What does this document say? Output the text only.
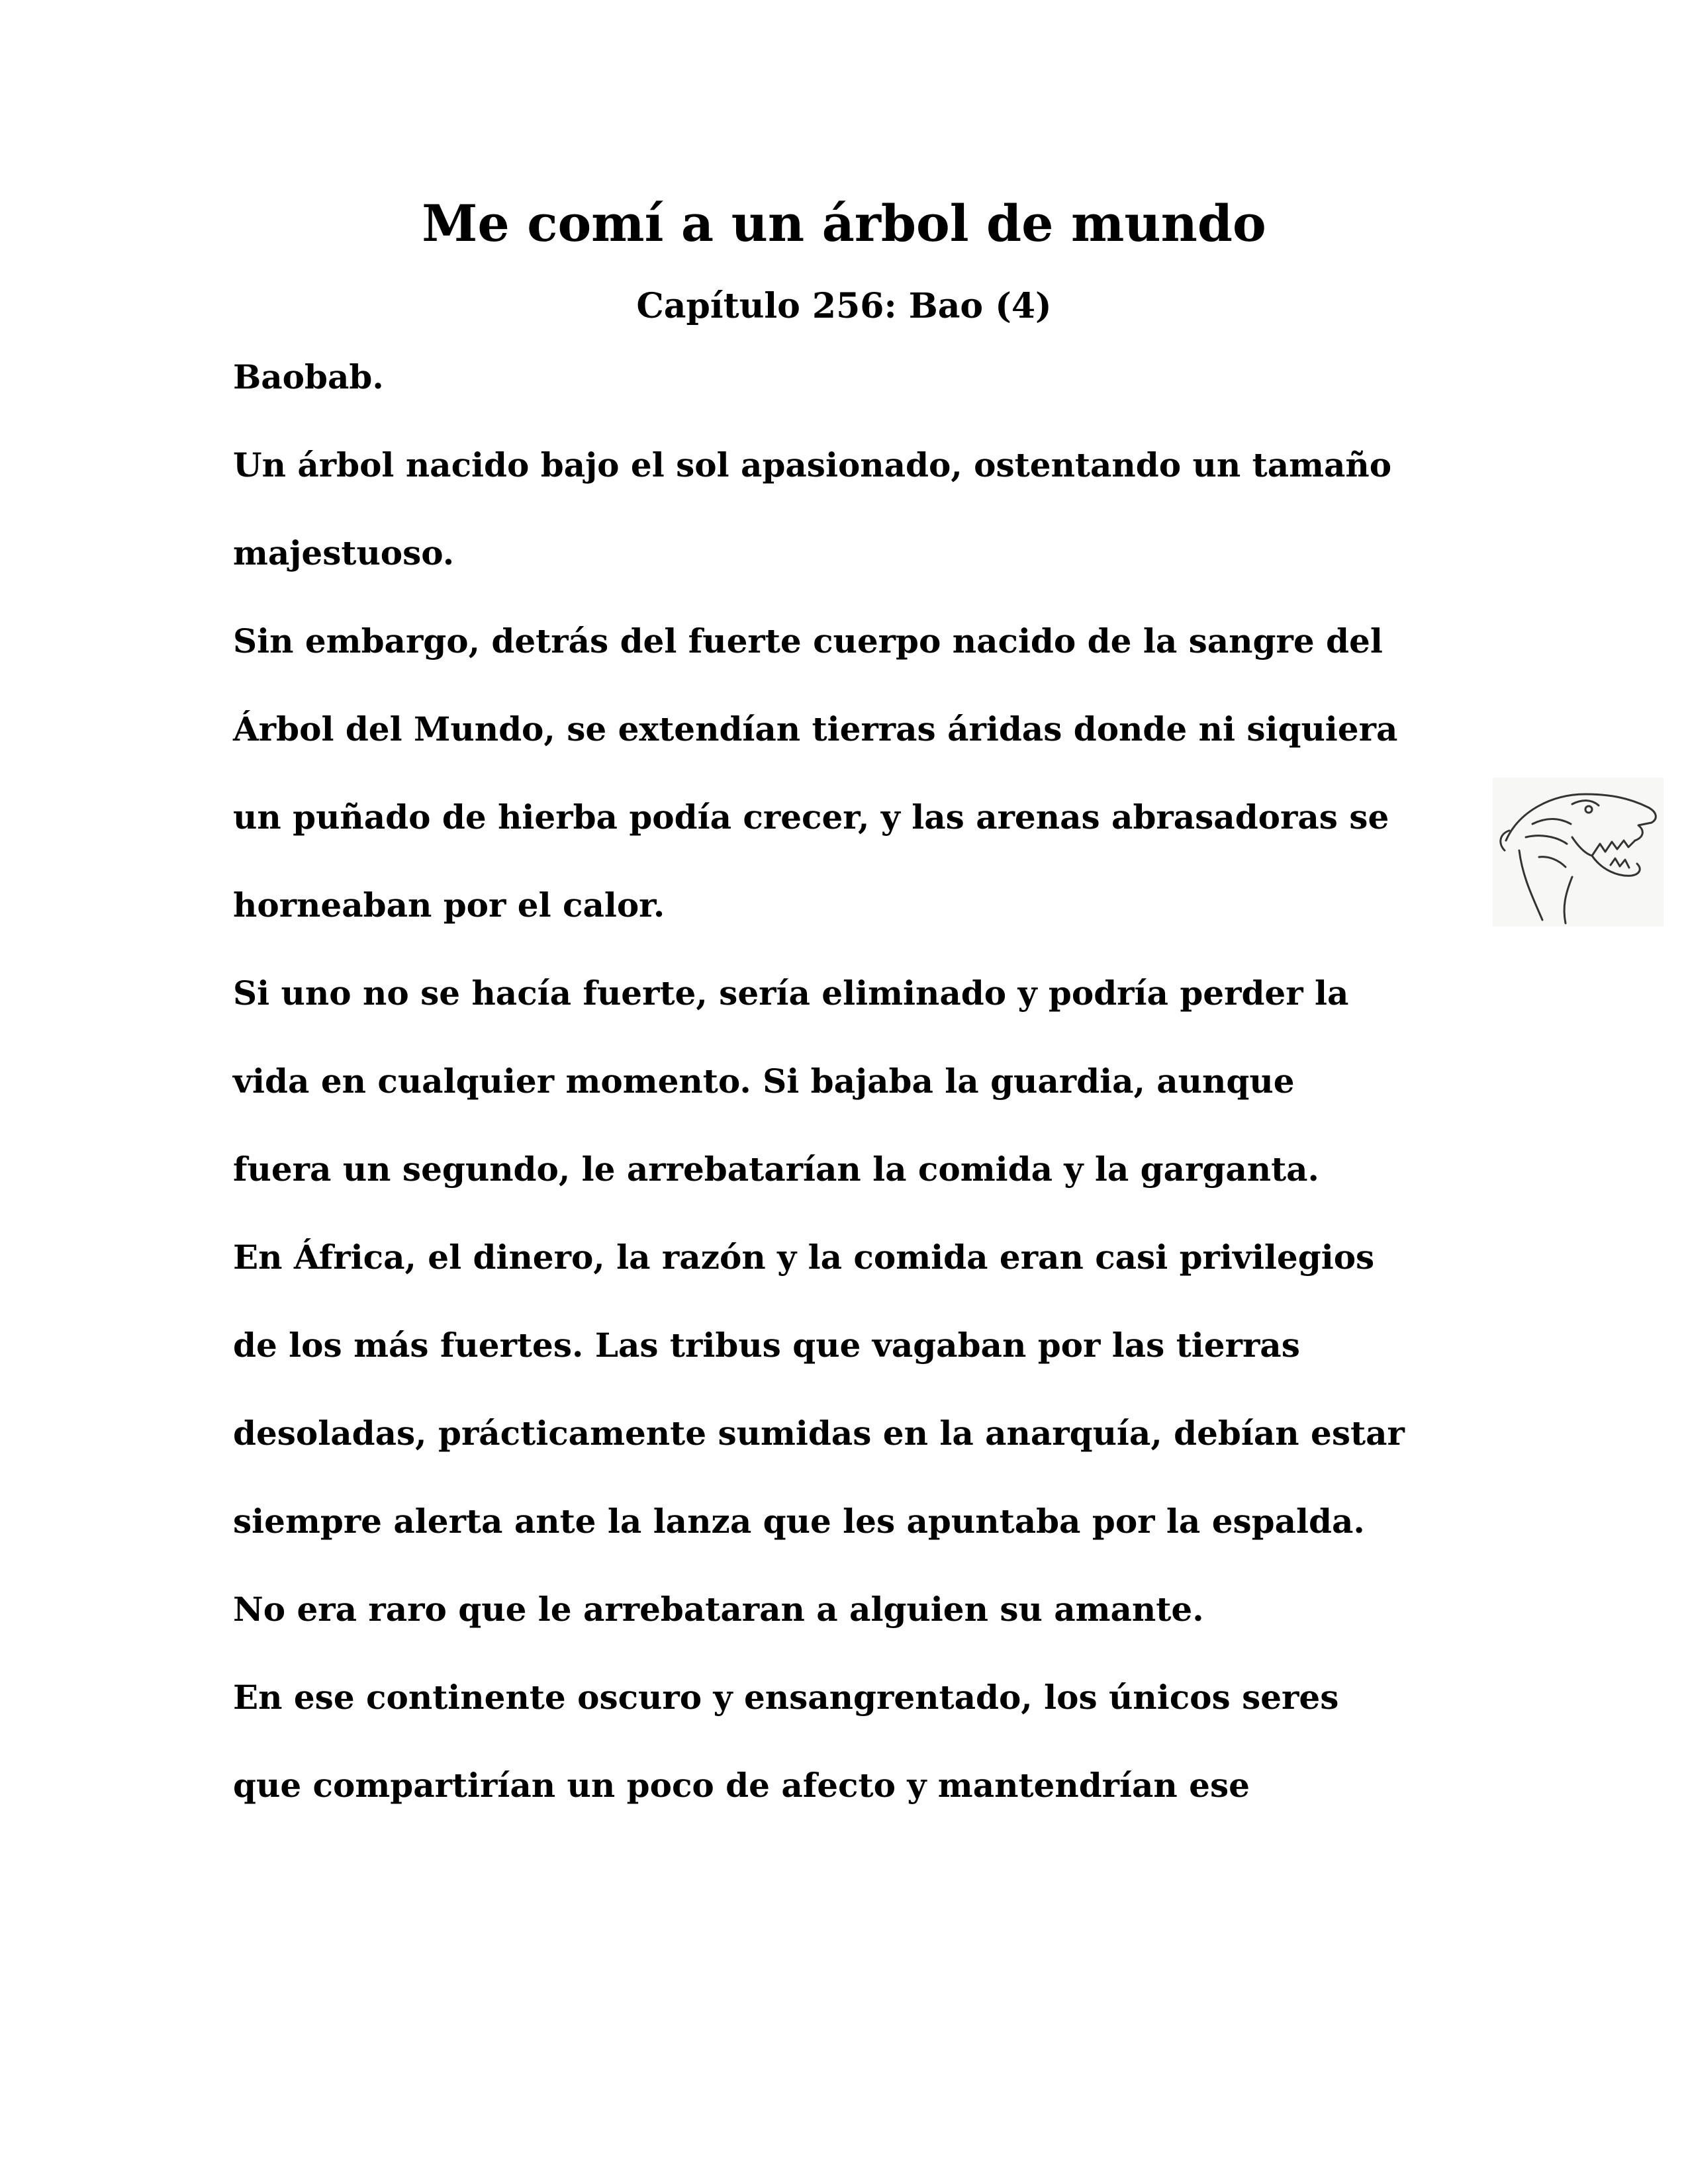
Me comí a un árbol de mundo
Capítulo 256: Bao (4)
Baobab.
Un árbol nacido bajo el sol apasionado, ostentando un tamaño
majestuoso.
Sin embargo, detrás del fuerte cuerpo nacido de la sangre del
Árbol del Mundo, se extendían tierras áridas donde ni siquiera
un puñado de hierba podía crecer, y las arenas abrasadoras se
horneaban por el calor.
Si uno no se hacía fuerte, sería eliminado y podría perder la
vida en cualquier momento. Si bajaba la guardia, aunque
fuera un segundo, le arrebatarían la comida y la garganta.
En África, el dinero, la razón y la comida eran casi privilegios
de los más fuertes. Las tribus que vagaban por las tierras
desoladas, prácticamente sumidas en la anarquía, debían estar
siempre alerta ante la lanza que les apuntaba por la espalda.
No era raro que le arrebataran a alguien su amante.
En ese continente oscuro y ensangrentado, los únicos seres
que compartirían un poco de afecto y mantendrían ese
